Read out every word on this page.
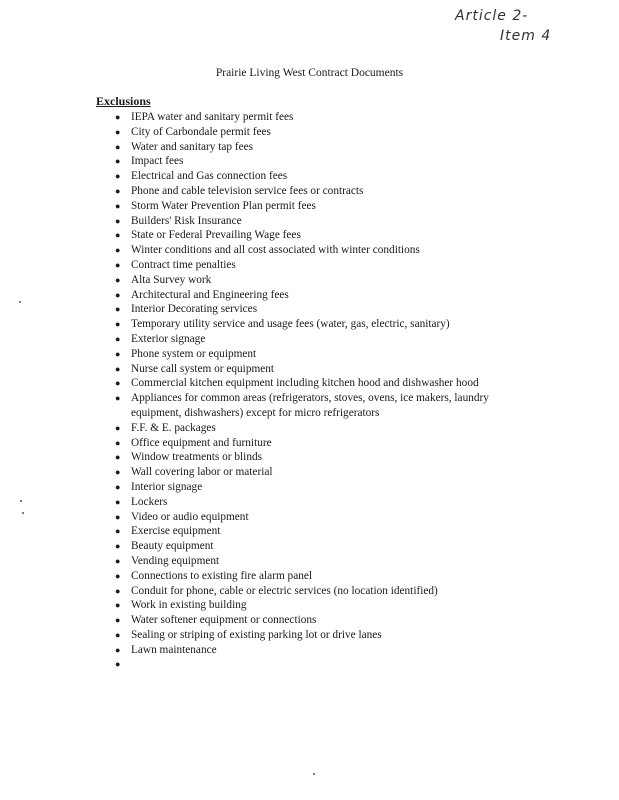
Article 2-
Item 4
Prairie Living West Contract Documents
Exclusions
● IEPA water and sanitary permit fees
● City of Carbondale permit fees
● Water and sanitary tap fees
● Impact fees
● Electrical and Gas connection fees
● Phone and cable television service fees or contracts
● Storm Water Prevention Plan permit fees
● Builders' Risk Insurance
● State or Federal Prevailing Wage fees
● Winter conditions and all cost associated with winter conditions
● Contract time penalties
● Alta Survey work
● Architectural and Engineering fees
● Interior Decorating services
● Temporary utility service and usage fees (water, gas, electric, sanitary)
● Exterior signage
● Phone system or equipment
● Nurse call system or equipment
● Commercial kitchen equipment including kitchen hood and dishwasher hood
● Appliances for common areas (refrigerators, stoves, ovens, ice makers, laundry equipment, dishwashers) except for micro refrigerators
● F.F. & E. packages
● Office equipment and furniture
● Window treatments or blinds
● Wall covering labor or material
● Interior signage
● Lockers
● Video or audio equipment
● Exercise equipment
● Beauty equipment
● Vending equipment
● Connections to existing fire alarm panel
● Conduit for phone, cable or electric services (no location identified)
● Work in existing building
● Water softener equipment or connections
● Sealing or striping of existing parking lot or drive lanes
● Lawn maintenance
●
